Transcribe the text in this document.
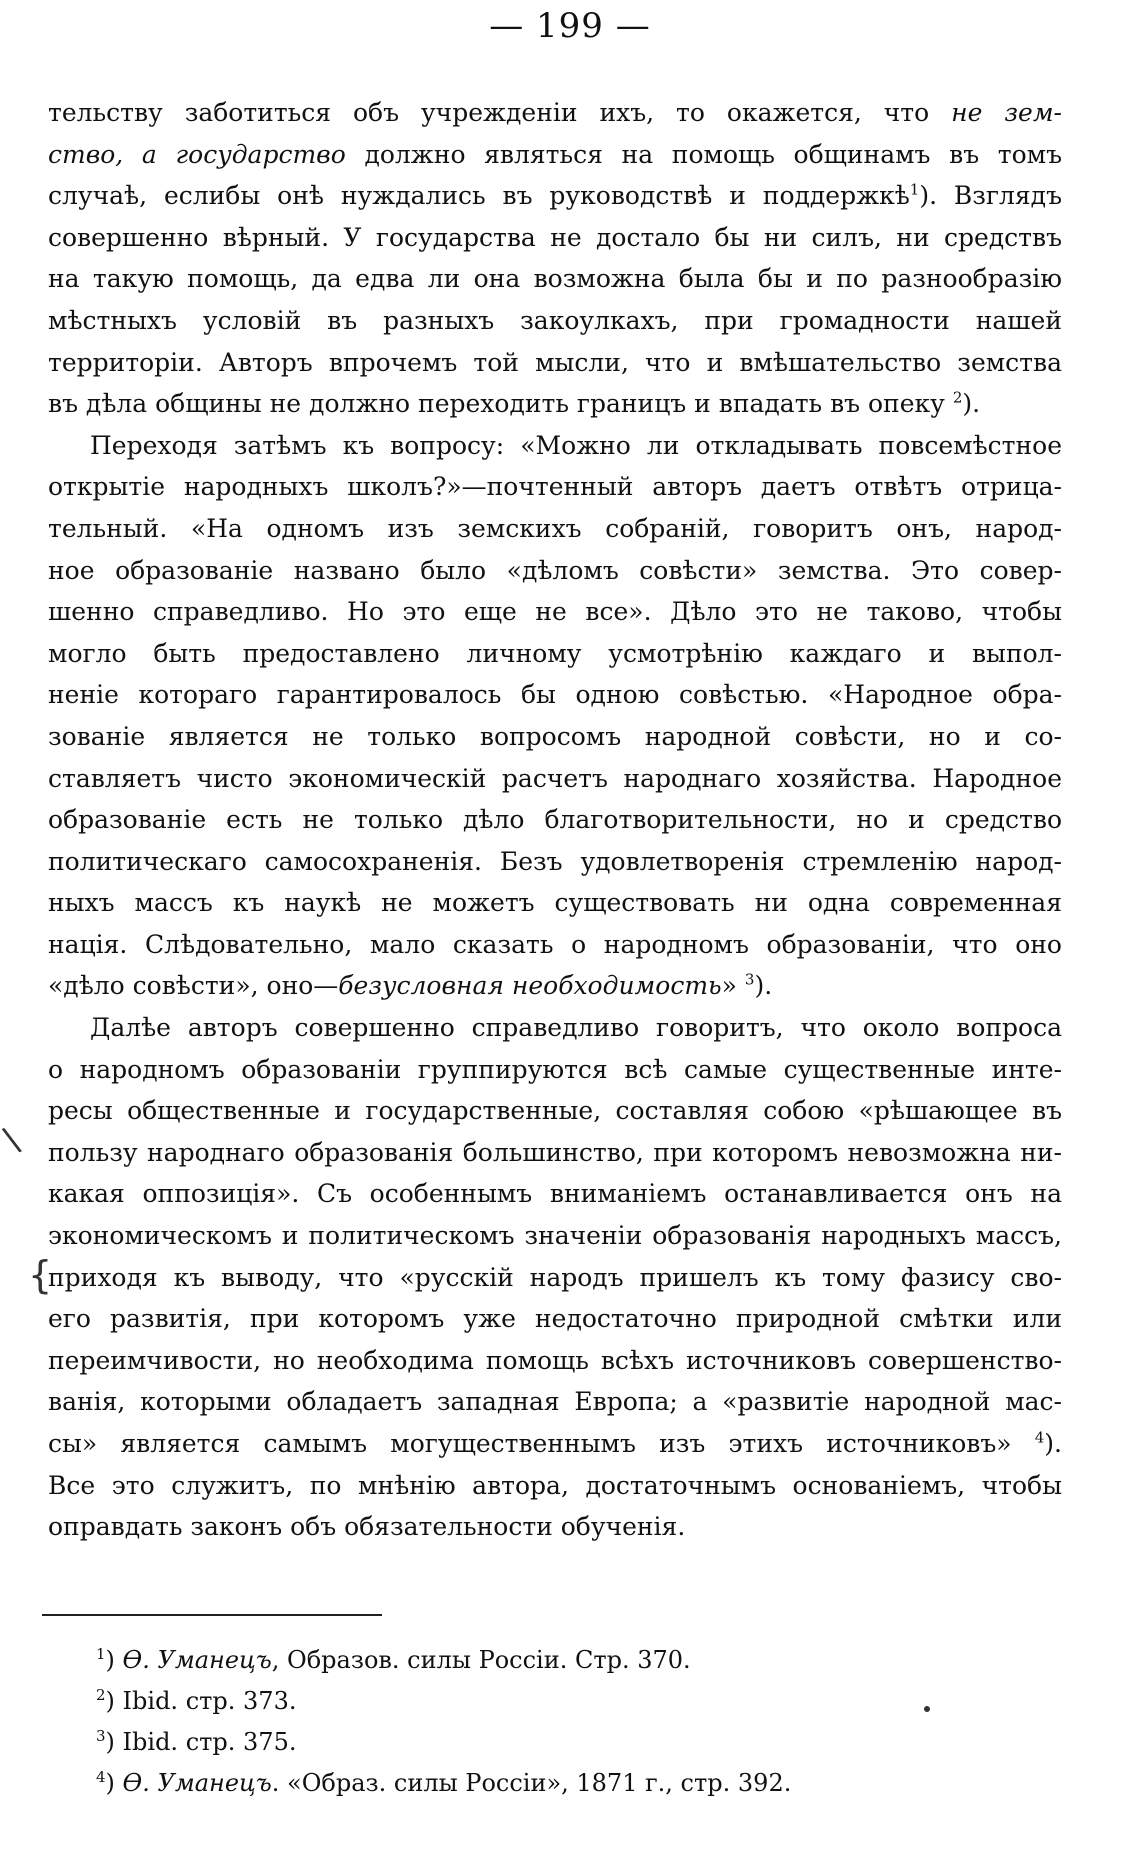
— 199 —
тельству заботиться объ учрежденіи ихъ, то окажется, что не зем-
ство, а государство должно являться на помощь общинамъ въ томъ
случаѣ, еслибы онѣ нуждались въ руководствѣ и поддержкѣ$^1$). Взглядъ
совершенно вѣрный. У государства не достало бы ни силъ, ни средствъ
на такую помощь, да едва ли она возможна была бы и по разнообразію
мѣстныхъ условій въ разныхъ закоулкахъ, при громадности нашей
территоріи. Авторъ впрочемъ той мысли, что и вмѣшательство земства
въ дѣла общины не должно переходить границъ и впадать въ опеку $^2$).
Переходя затѣмъ къ вопросу: «Можно ли откладывать повсемѣстное
открытіе народныхъ школъ?»—почтенный авторъ даетъ отвѣтъ отрица-
тельный. «На одномъ изъ земскихъ собраній, говоритъ онъ, народ-
ное образованіе названо было «дѣломъ совѣсти» земства. Это совер-
шенно справедливо. Но это еще не все». Дѣло это не таково, чтобы
могло быть предоставлено личному усмотрѣнію каждаго и выпол-
неніе котораго гарантировалось бы одною совѣстью. «Народное обра-
зованіе является не только вопросомъ народной совѣсти, но и со-
ставляетъ чисто экономическій расчетъ народнаго хозяйства. Народное
образованіе есть не только дѣло благотворительности, но и средство
политическаго самосохраненія. Безъ удовлетворенія стремленію народ-
ныхъ массъ къ наукѣ не можетъ существовать ни одна современная
нація. Слѣдовательно, мало сказать о народномъ образованіи, что оно
«дѣло совѣсти», оно—безусловная необходимость» $^3$).
Далѣе авторъ совершенно справедливо говоритъ, что около вопроса
о народномъ образованіи группируются всѣ самые существенные инте-
ресы общественные и государственные, составляя собою «рѣшающее въ
пользу народнаго образованія большинство, при которомъ невозможна ни-
какая оппозиція». Съ особеннымъ вниманіемъ останавливается онъ на
экономическомъ и политическомъ значеніи образованія народныхъ массъ,
приходя къ выводу, что «русскій народъ пришелъ къ тому фазису сво-
его развитія, при которомъ уже недостаточно природной смѣтки или
переимчивости, но необходима помощь всѣхъ источниковъ совершенство-
ванія, которыми обладаетъ западная Европа; а «развитіе народной мас-
сы» является самымъ могущественнымъ изъ этихъ источниковъ» $^4$).
Все это служитъ, по мнѣнію автора, достаточнымъ основаніемъ, чтобы
оправдать законъ объ обязательности обученія.
\
{
$^1$) Ѳ. Уманецъ, Образов. силы Россіи. Стр. 370.
$^2$) Ibid. стр. 373.
$^3$) Ibid. стр. 375.
$^4$) Ѳ. Уманецъ. «Образ. силы Россіи», 1871 г., стр. 392.
